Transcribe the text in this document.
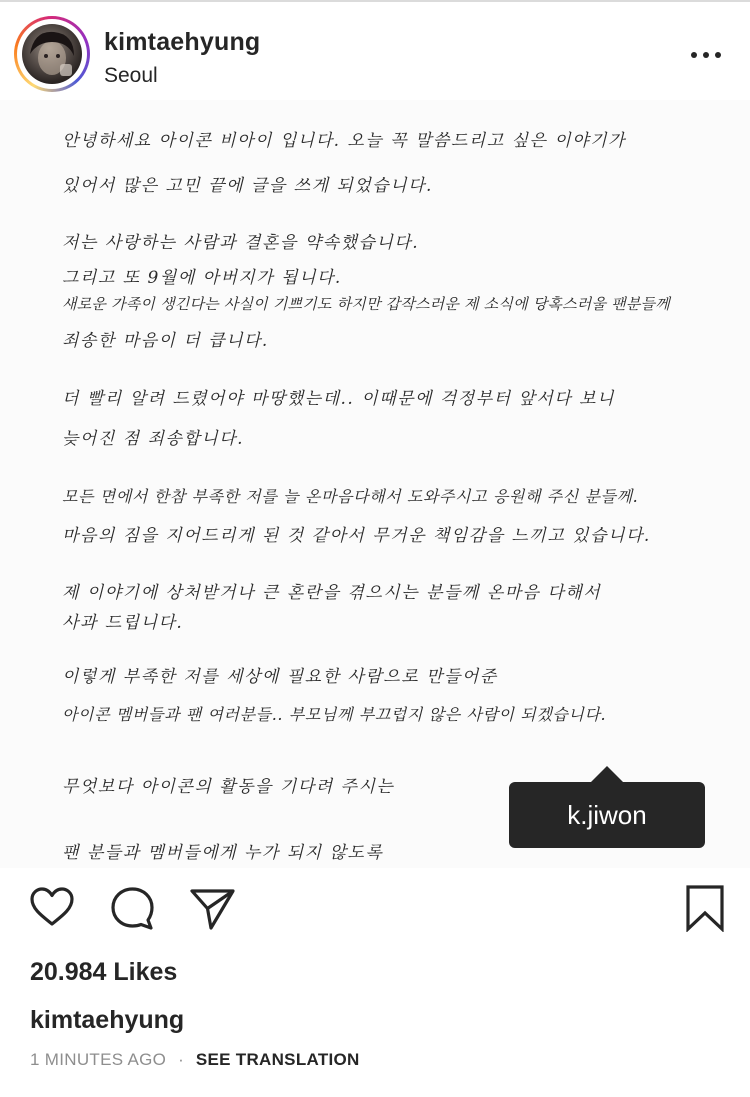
kimtaehyung
Seoul
안녕하세요 아이콘 비아이 입니다. 오늘 꼭 말씀드리고 싶은 이야기가
있어서 많은 고민 끝에 글을 쓰게 되었습니다.
저는 사랑하는 사람과 결혼을 약속했습니다.
그리고 또 9월에 아버지가 됩니다.
새로운 가족이 생긴다는 사실이 기쁘기도 하지만 갑작스러운 제 소식에 당혹스러울 팬분들께
죄송한 마음이 더 큽니다.
더 빨리 알려 드렸어야 마땅했는데.. 이때문에 걱정부터 앞서다 보니
늦어진 점 죄송합니다.
모든 면에서 한참 부족한 저를 늘 온마음다해서 도와주시고 응원해 주신 분들께.
마음의 짐을 지어드리게 된 것 같아서 무거운 책임감을 느끼고 있습니다.
제 이야기에 상처받거나 큰 혼란을 겪으시는 분들께 온마음 다해서
사과 드립니다.
이렇게 부족한 저를 세상에 필요한 사람으로 만들어준
아이콘 멤버들과 팬 여러분들.. 부모님께 부끄럽지 않은 사람이 되겠습니다.
무엇보다 아이콘의 활동을 기다려 주시는
팬 분들과 멤버들에게 누가 되지 않도록
k.jiwon
20.984 Likes
kimtaehyung
1 MINUTES AGO · SEE TRANSLATION
